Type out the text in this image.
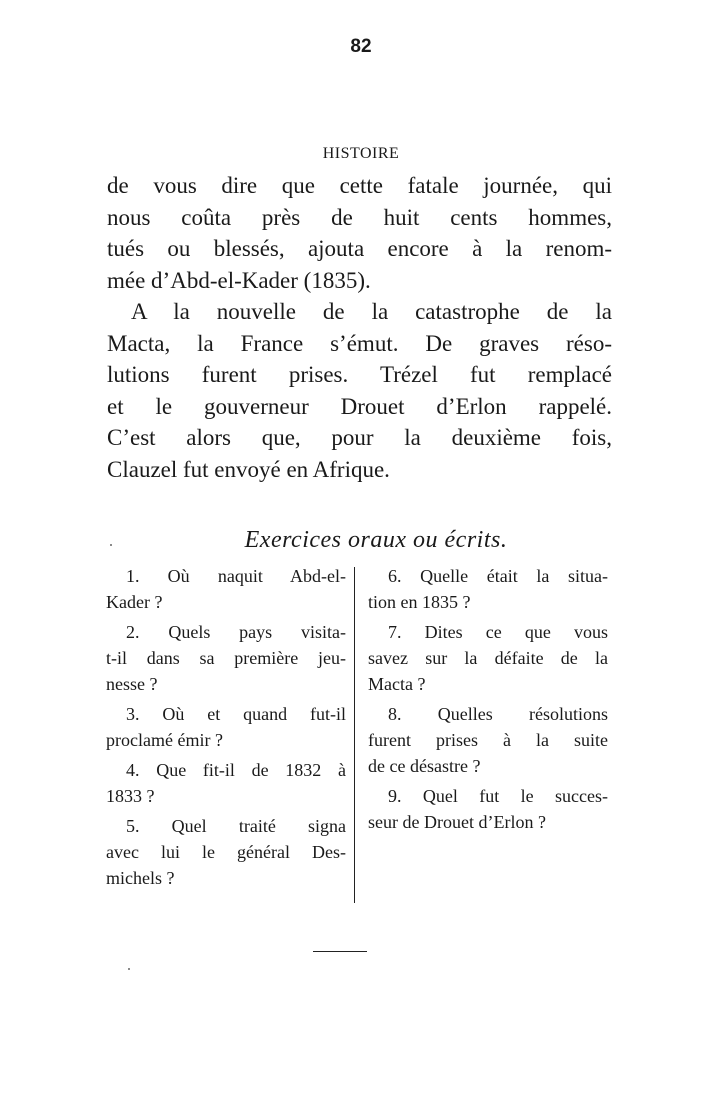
82
HISTOIRE
de vous dire que cette fatale journée, qui
nous coûta près de huit cents hommes,
tués ou blessés, ajouta encore à la renom-
mée d’Abd-el-Kader (1835).
A la nouvelle de la catastrophe de la
Macta, la France s’émut. De graves réso-
lutions furent prises. Trézel fut remplacé
et le gouverneur Drouet d’Erlon rappelé.
C’est alors que, pour la deuxième fois,
Clauzel fut envoyé en Afrique.
Exercices oraux ou écrits.
1. Où naquit Abd-el-
Kader ?
2. Quels pays visita-
t-il dans sa première jeu-
nesse ?
3. Où et quand fut-il
proclamé émir ?
4. Que fit-il de 1832 à
1833 ?
5. Quel traité signa
avec lui le général Des-
michels ?
6. Quelle était la situa-
tion en 1835 ?
7. Dites ce que vous
savez sur la défaite de la
Macta ?
8. Quelles résolutions
furent prises à la suite
de ce désastre ?
9. Quel fut le succes-
seur de Drouet d’Erlon ?
